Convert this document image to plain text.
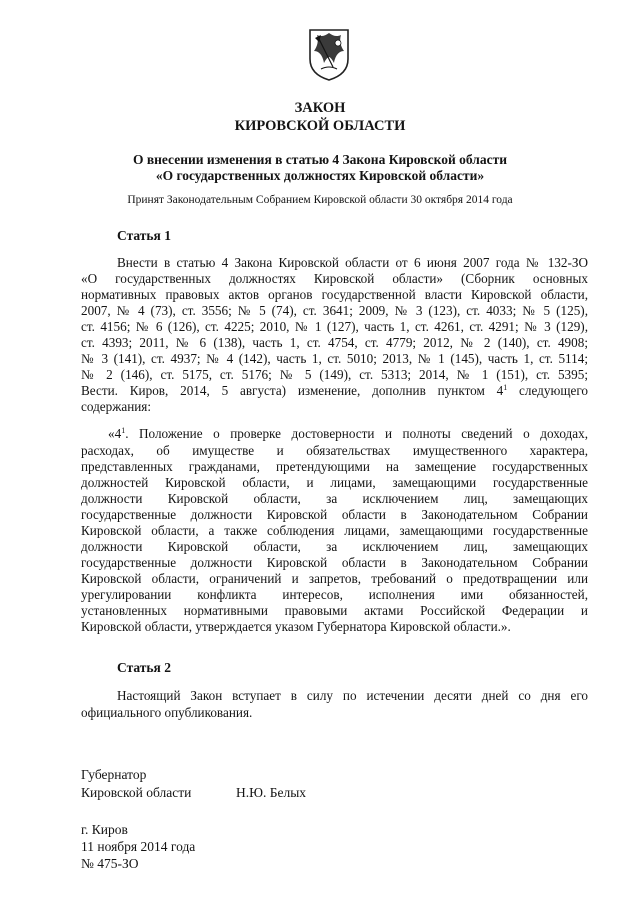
ЗАКОН
КИРОВСКОЙ ОБЛАСТИ
О внесении изменения в статью 4 Закона Кировской области
«О государственных должностях Кировской области»
Принят Законодательным Собранием Кировской области 30 октября 2014 года
Статья 1
Внести в статью 4 Закона Кировской области от 6 июня 2007 года № 132-ЗО
«О государственных должностях Кировской области» (Сборник основных
нормативных правовых актов органов государственной власти Кировской области,
2007, № 4 (73), ст. 3556; № 5 (74), ст. 3641; 2009, № 3 (123), ст. 4033; № 5 (125),
ст. 4156; № 6 (126), ст. 4225; 2010, № 1 (127), часть 1, ст. 4261, ст. 4291; № 3 (129),
ст. 4393; 2011, № 6 (138), часть 1, ст. 4754, ст. 4779; 2012, № 2 (140), ст. 4908;
№ 3 (141), ст. 4937; № 4 (142), часть 1, ст. 5010; 2013, № 1 (145), часть 1, ст. 5114;
№ 2 (146), ст. 5175, ст. 5176; № 5 (149), ст. 5313; 2014, № 1 (151), ст. 5395;
Вести. Киров, 2014, 5 августа) изменение, дополнив пунктом $4^1$ следующего
содержания:
«$4^1$. Положение о проверке достоверности и полноты сведений о доходах,
расходах, об имуществе и обязательствах имущественного характера,
представленных гражданами, претендующими на замещение государственных
должностей Кировской области, и лицами, замещающими государственные
должности Кировской области, за исключением лиц, замещающих
государственные должности Кировской области в Законодательном Собрании
Кировской области, а также соблюдения лицами, замещающими государственные
должности Кировской области, за исключением лиц, замещающих
государственные должности Кировской области в Законодательном Собрании
Кировской области, ограничений и запретов, требований о предотвращении или
урегулировании конфликта интересов, исполнения ими обязанностей,
установленных нормативными правовыми актами Российской Федерации и
Кировской области, утверждается указом Губернатора Кировской области.».
Статья 2
Настоящий Закон вступает в силу по истечении десяти дней со дня его
официального опубликования.
Губернатор
Кировской области	Н.Ю. Белых
г. Киров
11 ноября 2014 года
№ 475-ЗО
